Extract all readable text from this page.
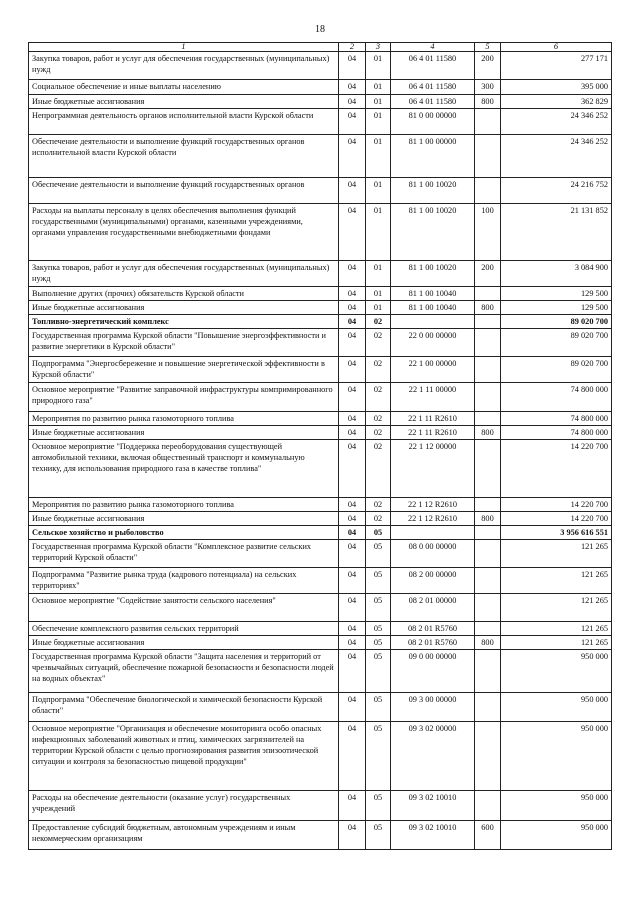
18
1	2	3	4	5	6
Закупка товаров, работ и услуг для обеспечения государственных (муниципальных) нужд	04	01	06 4 01 11580	200	277 171
Социальное обеспечение и иные выплаты населению	04	01	06 4 01 11580	300	395 000
Иные бюджетные ассигнования	04	01	06 4 01 11580	800	362 829
Непрограммная деятельность органов исполнительной власти Курской области	04	01	81 0 00 00000		24 346 252
Обеспечение деятельности и выполнение функций государственных органов исполнительной власти Курской области	04	01	81 1 00 00000		24 346 252
Обеспечение деятельности и выполнение функций государственных органов	04	01	81 1 00 10020		24 216 752
Расходы на выплаты персоналу в целях обеспечения выполнения функций государственными (муниципальными) органами, казенными учреждениями, органами управления государственными внебюджетными фондами	04	01	81 1 00 10020	100	21 131 852
Закупка товаров, работ и услуг для обеспечения государственных (муниципальных) нужд	04	01	81 1 00 10020	200	3 084 900
Выполнение других (прочих) обязательств Курской области	04	01	81 1 00 10040		129 500
Иные бюджетные ассигнования	04	01	81 1 00 10040	800	129 500
Топливно-энергетический комплекс	04	02			89 020 700
Государственная программа Курской области "Повышение энергоэффективности и развитие энергетики в Курской области"	04	02	22 0 00 00000		89 020 700
Подпрограмма "Энергосбережение и повышение энергетической эффективности в Курской области"	04	02	22 1 00 00000		89 020 700
Основное мероприятие "Развитие заправочной инфраструктуры компримированного природного газа"	04	02	22 1 11 00000		74 800 000
Мероприятия по развитию рынка газомоторного топлива	04	02	22 1 11 R2610		74 800 000
Иные бюджетные ассигнования	04	02	22 1 11 R2610	800	74 800 000
Основное мероприятие "Поддержка переоборудования существующей автомобильной техники, включая общественный транспорт и коммунальную технику, для использования природного газа в качестве топлива"	04	02	22 1 12 00000		14 220 700
Мероприятия по развитию рынка газомоторного топлива	04	02	22 1 12 R2610		14 220 700
Иные бюджетные ассигнования	04	02	22 1 12 R2610	800	14 220 700
Сельское хозяйство и рыболовство	04	05			3 956 616 551
Государственная программа Курской области "Комплексное развитие сельских территорий Курской области"	04	05	08 0 00 00000		121 265
Подпрограмма "Развитие рынка труда (кадрового потенциала) на сельских территориях"	04	05	08 2 00 00000		121 265
Основное мероприятие "Содействие занятости сельского населения"	04	05	08 2 01 00000		121 265
Обеспечение комплексного развития сельских территорий	04	05	08 2 01 R5760		121 265
Иные бюджетные ассигнования	04	05	08 2 01 R5760	800	121 265
Государственная программа Курской области "Защита населения и территорий от чрезвычайных ситуаций, обеспечение пожарной безопасности и безопасности людей на водных объектах"	04	05	09 0 00 00000		950 000
Подпрограмма "Обеспечение биологической и химической безопасности Курской области"	04	05	09 3 00 00000		950 000
Основное мероприятие "Организация и обеспечение мониторинга особо опасных инфекционных заболеваний животных и птиц, химических загрязнителей на территории Курской области с целью прогнозирования развития эпизоотической ситуации и контроля за безопасностью пищевой продукции"	04	05	09 3 02 00000		950 000
Расходы на обеспечение деятельности (оказание услуг) государственных учреждений	04	05	09 3 02 10010		950 000
Предоставление субсидий бюджетным, автономным учреждениям и иным некоммерческим организациям	04	05	09 3 02 10010	600	950 000
